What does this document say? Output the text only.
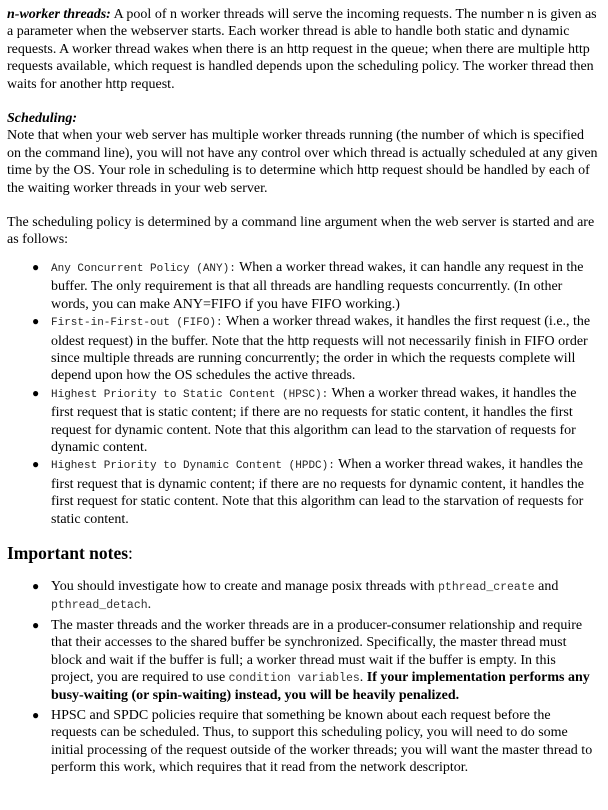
n-worker threads: A pool of n worker threads will serve the incoming requests. The number n is given as a parameter when the webserver starts. Each worker thread is able to handle both static and dynamic requests. A worker thread wakes when there is an http request in the queue; when there are multiple http requests available, which request is handled depends upon the scheduling policy. The worker thread then waits for another http request.

Scheduling:

Note that when your web server has multiple worker threads running (the number of which is specified on the command line), you will not have any control over which thread is actually scheduled at any given time by the OS. Your role in scheduling is to determine which http request should be handled by each of the waiting worker threads in your web server.

The scheduling policy is determined by a command line argument when the web server is started and are as follows:

● Any Concurrent Policy (ANY): When a worker thread wakes, it can handle any request in the buffer. The only requirement is that all threads are handling requests concurrently. (In other words, you can make ANY=FIFO if you have FIFO working.)
● First-in-First-out (FIFO): When a worker thread wakes, it handles the first request (i.e., the oldest request) in the buffer. Note that the http requests will not necessarily finish in FIFO order since multiple threads are running concurrently; the order in which the requests complete will depend upon how the OS schedules the active threads.
● Highest Priority to Static Content (HPSC): When a worker thread wakes, it handles the first request that is static content; if there are no requests for static content, it handles the first request for dynamic content. Note that this algorithm can lead to the starvation of requests for dynamic content.
● Highest Priority to Dynamic Content (HPDC): When a worker thread wakes, it handles the first request that is dynamic content; if there are no requests for dynamic content, it handles the first request for static content. Note that this algorithm can lead to the starvation of requests for static content.
Important notes:
● You should investigate how to create and manage posix threads with pthread_create and pthread_detach.
● The master threads and the worker threads are in a producer-consumer relationship and require that their accesses to the shared buffer be synchronized. Specifically, the master thread must block and wait if the buffer is full; a worker thread must wait if the buffer is empty. In this project, you are required to use condition variables. If your implementation performs any busy-waiting (or spin-waiting) instead, you will be heavily penalized.
● HPSC and SPDC policies require that something be known about each request before the requests can be scheduled. Thus, to support this scheduling policy, you will need to do some initial processing of the request outside of the worker threads; you will want the master thread to perform this work, which requires that it read from the network descriptor.
